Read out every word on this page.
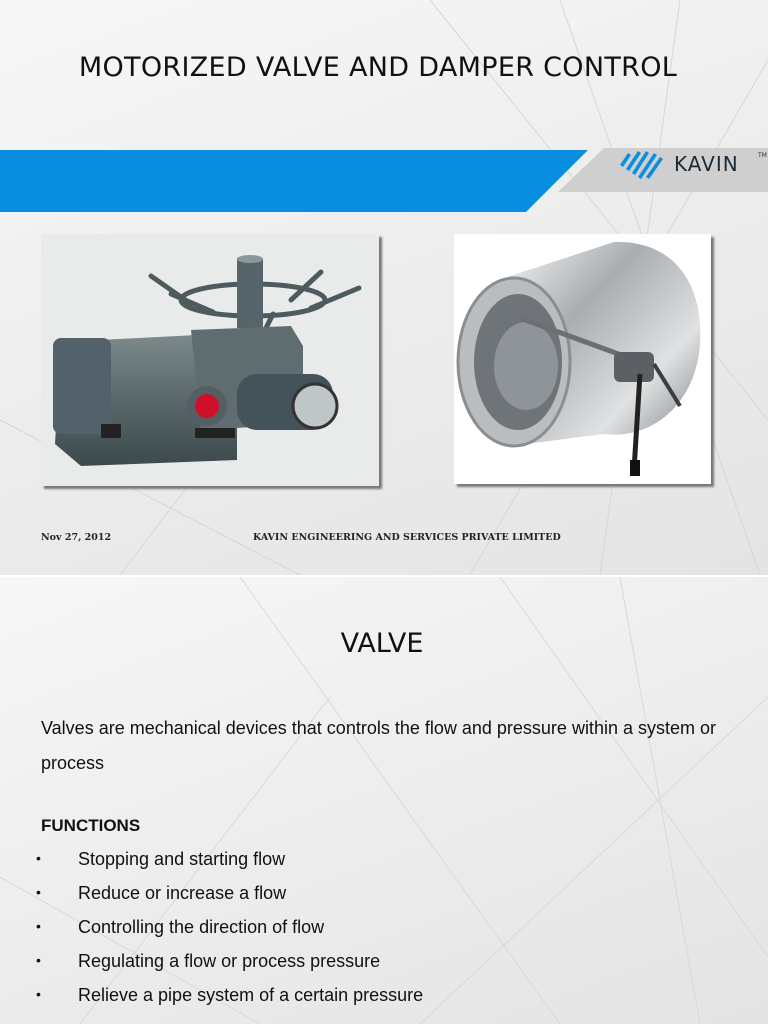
MOTORIZED VALVE AND DAMPER CONTROL
KAVIN	TM
Nov 27, 2012	KAVIN ENGINEERING AND SERVICES PRIVATE LIMITED
VALVE
Valves are mechanical devices that controls the flow and pressure within a system or process
FUNCTIONS
•	Stopping and starting flow
•	Reduce or increase a flow
•	Controlling the direction of flow
•	Regulating a flow or process pressure
•	Relieve a pipe system of a certain pressure
